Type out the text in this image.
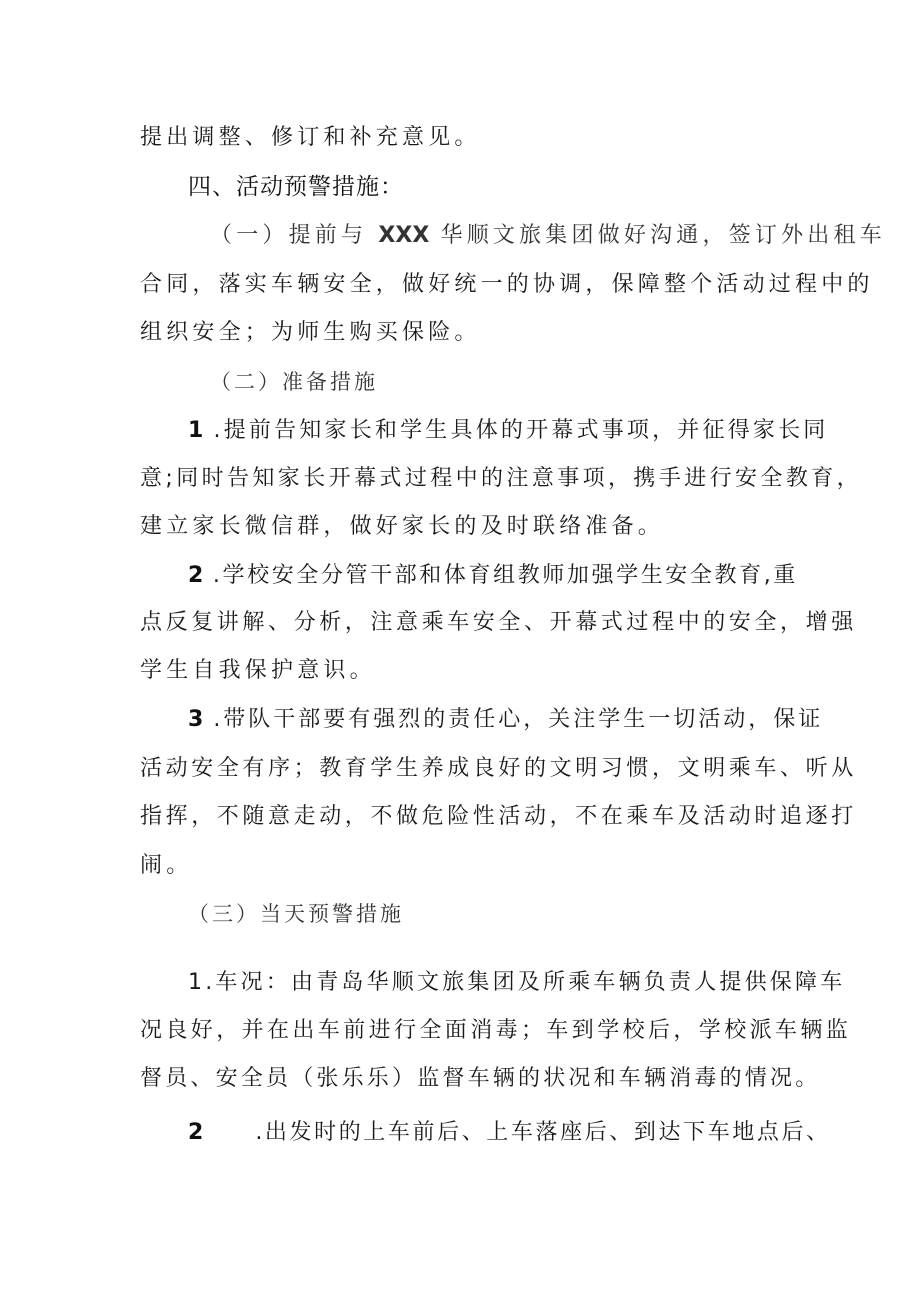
提出调整、修订和补充意见。
四、活动预警措施：
（一）提前与 XXX 华顺文旅集团做好沟通，签订外出租车
合同，落实车辆安全，做好统一的协调，保障整个活动过程中的
组织安全；为师生购买保险。
（二）准备措施
1 .提前告知家长和学生具体的开幕式事项，并征得家长同
意;同时告知家长开幕式过程中的注意事项，携手进行安全教育，
建立家长微信群，做好家长的及时联络准备。
2 .学校安全分管干部和体育组教师加强学生安全教育,重
点反复讲解、分析，注意乘车安全、开幕式过程中的安全，增强
学生自我保护意识。
3 .带队干部要有强烈的责任心，关注学生一切活动，保证
活动安全有序；教育学生养成良好的文明习惯，文明乘车、听从
指挥，不随意走动，不做危险性活动，不在乘车及活动时追逐打
闹。
（三）当天预警措施
1.车况：由青岛华顺文旅集团及所乘车辆负责人提供保障车
况良好，并在出车前进行全面消毒；车到学校后，学校派车辆监
督员、安全员（张乐乐）监督车辆的状况和车辆消毒的情况。
2 .出发时的上车前后、上车落座后、到达下车地点后、
